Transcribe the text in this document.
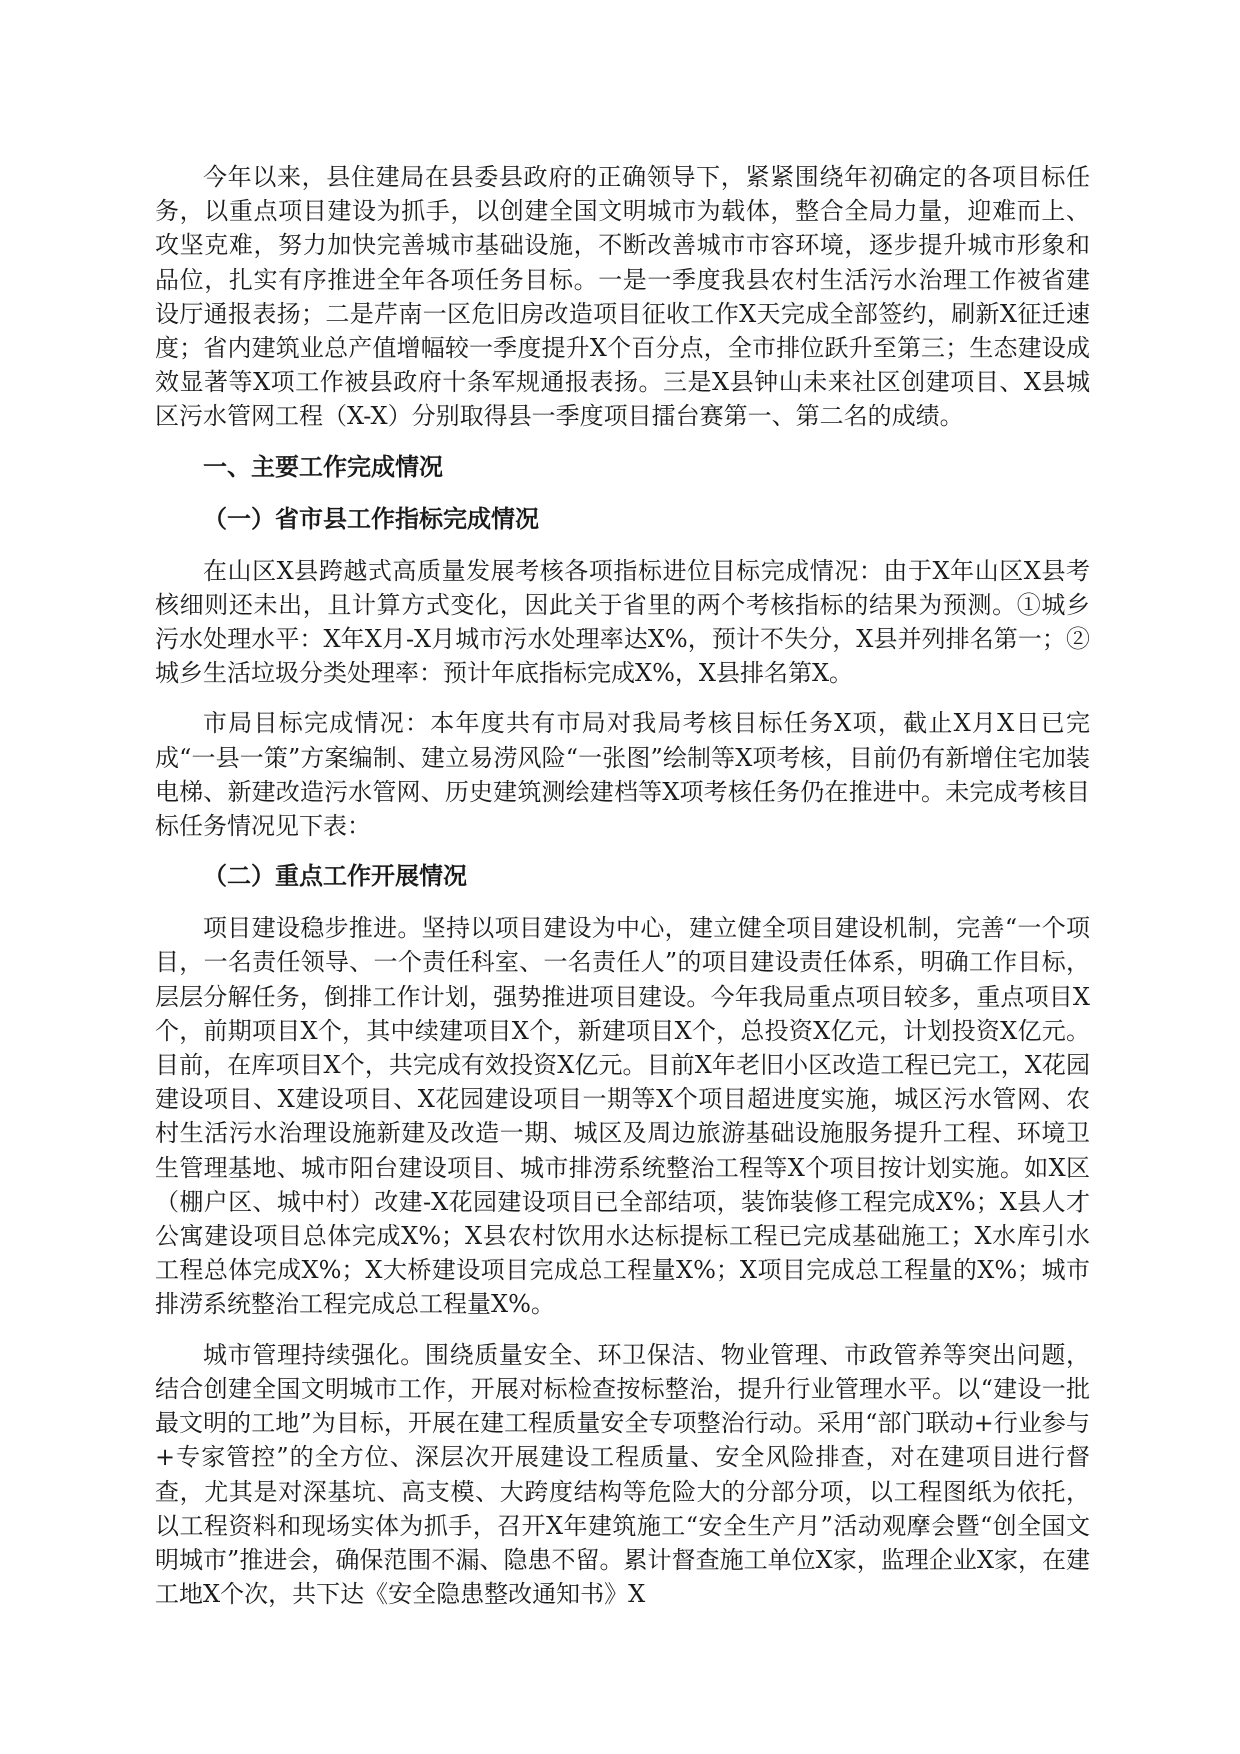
今年以来，县住建局在县委县政府的正确领导下，紧紧围绕年初确定的各项目标任务，以重点项目建设为抓手，以创建全国文明城市为载体，整合全局力量，迎难而上、攻坚克难，努力加快完善城市基础设施，不断改善城市市容环境，逐步提升城市形象和品位，扎实有序推进全年各项任务目标。一是一季度我县农村生活污水治理工作被省建设厅通报表扬；二是芹南一区危旧房改造项目征收工作X天完成全部签约，刷新X征迁速度；省内建筑业总产值增幅较一季度提升X个百分点，全市排位跃升至第三；生态建设成效显著等X项工作被县政府十条军规通报表扬。三是X县钟山未来社区创建项目、X县城区污水管网工程（X-X）分别取得县一季度项目擂台赛第一、第二名的成绩。

一、主要工作完成情况
（一）省市县工作指标完成情况

在山区X县跨越式高质量发展考核各项指标进位目标完成情况：由于X年山区X县考核细则还未出，且计算方式变化，因此关于省里的两个考核指标的结果为预测。①城乡污水处理水平：X年X月-X月城市污水处理率达X%，预计不失分，X县并列排名第一；②城乡生活垃圾分类处理率：预计年底指标完成X%，X县排名第X。

市局目标完成情况：本年度共有市局对我局考核目标任务X项，截止X月X日已完成“一县一策”方案编制、建立易涝风险“一张图”绘制等X项考核，目前仍有新增住宅加装电梯、新建改造污水管网、历史建筑测绘建档等X项考核任务仍在推进中。未完成考核目标任务情况见下表：

（二）重点工作开展情况

项目建设稳步推进。坚持以项目建设为中心，建立健全项目建设机制，完善“一个项目，一名责任领导、一个责任科室、一名责任人”的项目建设责任体系，明确工作目标，层层分解任务，倒排工作计划，强势推进项目建设。今年我局重点项目较多，重点项目X个，前期项目X个，其中续建项目X个，新建项目X个，总投资X亿元，计划投资X亿元。目前，在库项目X个，共完成有效投资X亿元。目前X年老旧小区改造工程已完工，X花园建设项目、X建设项目、X花园建设项目一期等X个项目超进度实施，城区污水管网、农村生活污水治理设施新建及改造一期、城区及周边旅游基础设施服务提升工程、环境卫生管理基地、城市阳台建设项目、城市排涝系统整治工程等X个项目按计划实施。如X区（棚户区、城中村）改建-X花园建设项目已全部结项，装饰装修工程完成X%；X县人才公寓建设项目总体完成X%；X县农村饮用水达标提标工程已完成基础施工；X水库引水工程总体完成X%；X大桥建设项目完成总工程量X%；X项目完成总工程量的X%；城市排涝系统整治工程完成总工程量X%。

城市管理持续强化。围绕质量安全、环卫保洁、物业管理、市政管养等突出问题，结合创建全国文明城市工作，开展对标检查按标整治，提升行业管理水平。以“建设一批最文明的工地”为目标，开展在建工程质量安全专项整治行动。采用“部门联动+行业参与+专家管控”的全方位、深层次开展建设工程质量、安全风险排查，对在建项目进行督查，尤其是对深基坑、高支模、大跨度结构等危险大的分部分项，以工程图纸为依托，以工程资料和现场实体为抓手，召开X年建筑施工“安全生产月”活动观摩会暨“创全国文明城市”推进会，确保范围不漏、隐患不留。累计督查施工单位X家，监理企业X家，在建工地X个次，共下达《安全隐患整改通知书》X
